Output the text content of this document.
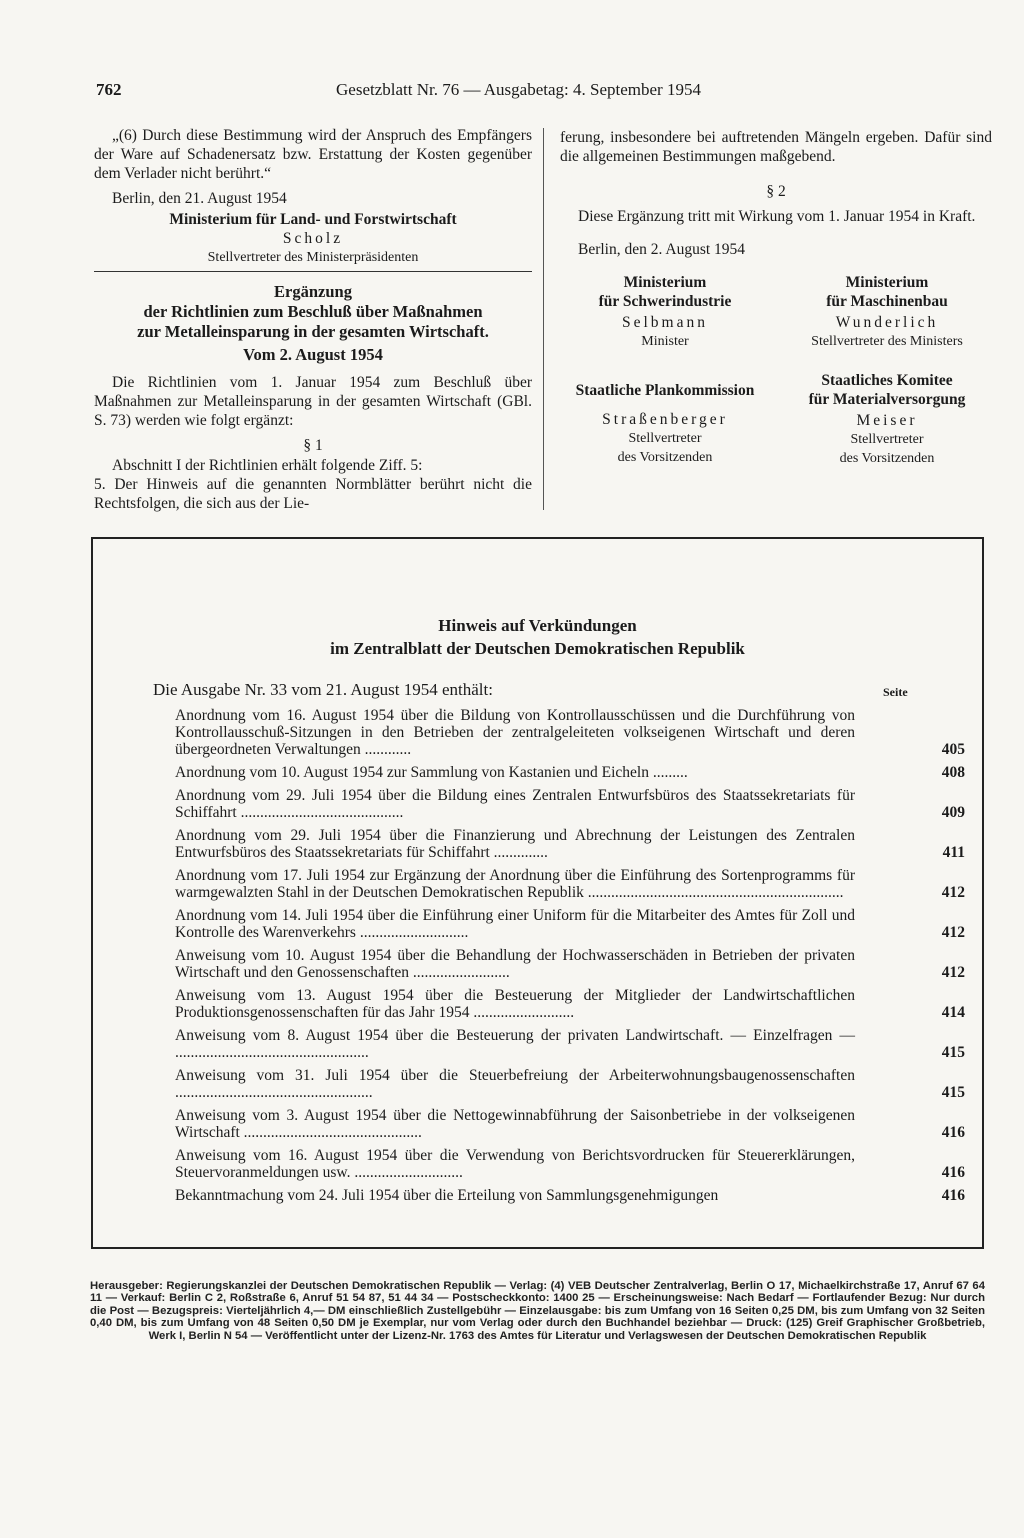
762	Gesetzblatt Nr. 76 — Ausgabetag: 4. September 1954

„(6) Durch diese Bestimmung wird der Anspruch des Empfängers der Ware auf Schadenersatz bzw. Erstattung der Kosten gegenüber dem Verlader nicht berührt.“

Berlin, den 21. August 1954

Ministerium für Land- und Forstwirtschaft
Scholz
Stellvertreter des Ministerpräsidenten
Ergänzung
der Richtlinien zum Beschluß über Maßnahmen
zur Metalleinsparung in der gesamten Wirtschaft.
Vom 2. August 1954

Die Richtlinien vom 1. Januar 1954 zum Beschluß über Maßnahmen zur Metalleinsparung in der gesamten Wirtschaft (GBl. S. 73) werden wie folgt ergänzt:

§ 1

Abschnitt I der Richtlinien erhält folgende Ziff. 5:

5. Der Hinweis auf die genannten Normblätter berührt nicht die Rechtsfolgen, die sich aus der Lie-

ferung, insbesondere bei auftretenden Mängeln ergeben. Dafür sind die allgemeinen Bestimmungen maßgebend.

§ 2

Diese Ergänzung tritt mit Wirkung vom 1. Januar 1954 in Kraft.

Berlin, den 2. August 1954

Ministerium
für Schwerindustrie
Selbmann
Minister
Ministerium
für Maschinenbau
Wunderlich
Stellvertreter des Ministers
Staatliche Plankommission
Straßenberger
Stellvertreter
des Vorsitzenden
Staatliches Komitee
für Materialversorgung
Meiser
Stellvertreter
des Vorsitzenden
Hinweis auf Verkündungen
im Zentralblatt der Deutschen Demokratischen Republik
Die Ausgabe Nr. 33 vom 21. August 1954 enthält:	Seite
Anordnung vom 16. August 1954 über die Bildung von Kontrollausschüssen und die Durchführung von Kontrollausschuß-Sitzungen in den Betrieben der zentralgeleiteten volkseigenen Wirtschaft und deren übergeordneten Verwaltungen ............	405
Anordnung vom 10. August 1954 zur Sammlung von Kastanien und Eicheln .........	408
Anordnung vom 29. Juli 1954 über die Bildung eines Zentralen Entwurfsbüros des Staatssekretariats für Schiffahrt ..........................................	409
Anordnung vom 29. Juli 1954 über die Finanzierung und Abrechnung der Leistungen des Zentralen Entwurfsbüros des Staatssekretariats für Schiffahrt ..............	411
Anordnung vom 17. Juli 1954 zur Ergänzung der Anordnung über die Einführung des Sortenprogramms für warmgewalzten Stahl in der Deutschen Demokratischen Republik ..................................................................	412
Anordnung vom 14. Juli 1954 über die Einführung einer Uniform für die Mitarbeiter des Amtes für Zoll und Kontrolle des Warenverkehrs ............................	412
Anweisung vom 10. August 1954 über die Behandlung der Hochwasserschäden in Betrieben der privaten Wirtschaft und den Genossenschaften .........................	412
Anweisung vom 13. August 1954 über die Besteuerung der Mitglieder der Landwirtschaftlichen Produktionsgenossenschaften für das Jahr 1954 ..........................	414
Anweisung vom 8. August 1954 über die Besteuerung der privaten Landwirtschaft. — Einzelfragen — ..................................................	415
Anweisung vom 31. Juli 1954 über die Steuerbefreiung der Arbeiterwohnungsbaugenossenschaften ...................................................	415
Anweisung vom 3. August 1954 über die Nettogewinnabführung der Saisonbetriebe in der volkseigenen Wirtschaft ..............................................	416
Anweisung vom 16. August 1954 über die Verwendung von Berichtsvordrucken für Steuererklärungen, Steuervoranmeldungen usw. ............................	416
Bekanntmachung vom 24. Juli 1954 über die Erteilung von Sammlungsgenehmigungen	416
Herausgeber: Regierungskanzlei der Deutschen Demokratischen Republik — Verlag: (4) VEB Deutscher Zentralverlag, Berlin O 17, Michaelkirchstraße 17, Anruf 67 64 11 — Verkauf: Berlin C 2, Roßstraße 6, Anruf 51 54 87, 51 44 34 — Postscheckkonto: 1400 25 — Erscheinungsweise: Nach Bedarf — Fortlaufender Bezug: Nur durch die Post — Bezugspreis: Vierteljährlich 4,— DM einschließlich Zustellgebühr — Einzelausgabe: bis zum Umfang von 16 Seiten 0,25 DM, bis zum Umfang von 32 Seiten 0,40 DM, bis zum Umfang von 48 Seiten 0,50 DM je Exemplar, nur vom Verlag oder durch den Buchhandel beziehbar — Druck: (125) Greif Graphischer Großbetrieb, Werk I, Berlin N 54 — Veröffentlicht unter der Lizenz-Nr. 1763 des Amtes für Literatur und Verlagswesen der Deutschen Demokratischen Republik
